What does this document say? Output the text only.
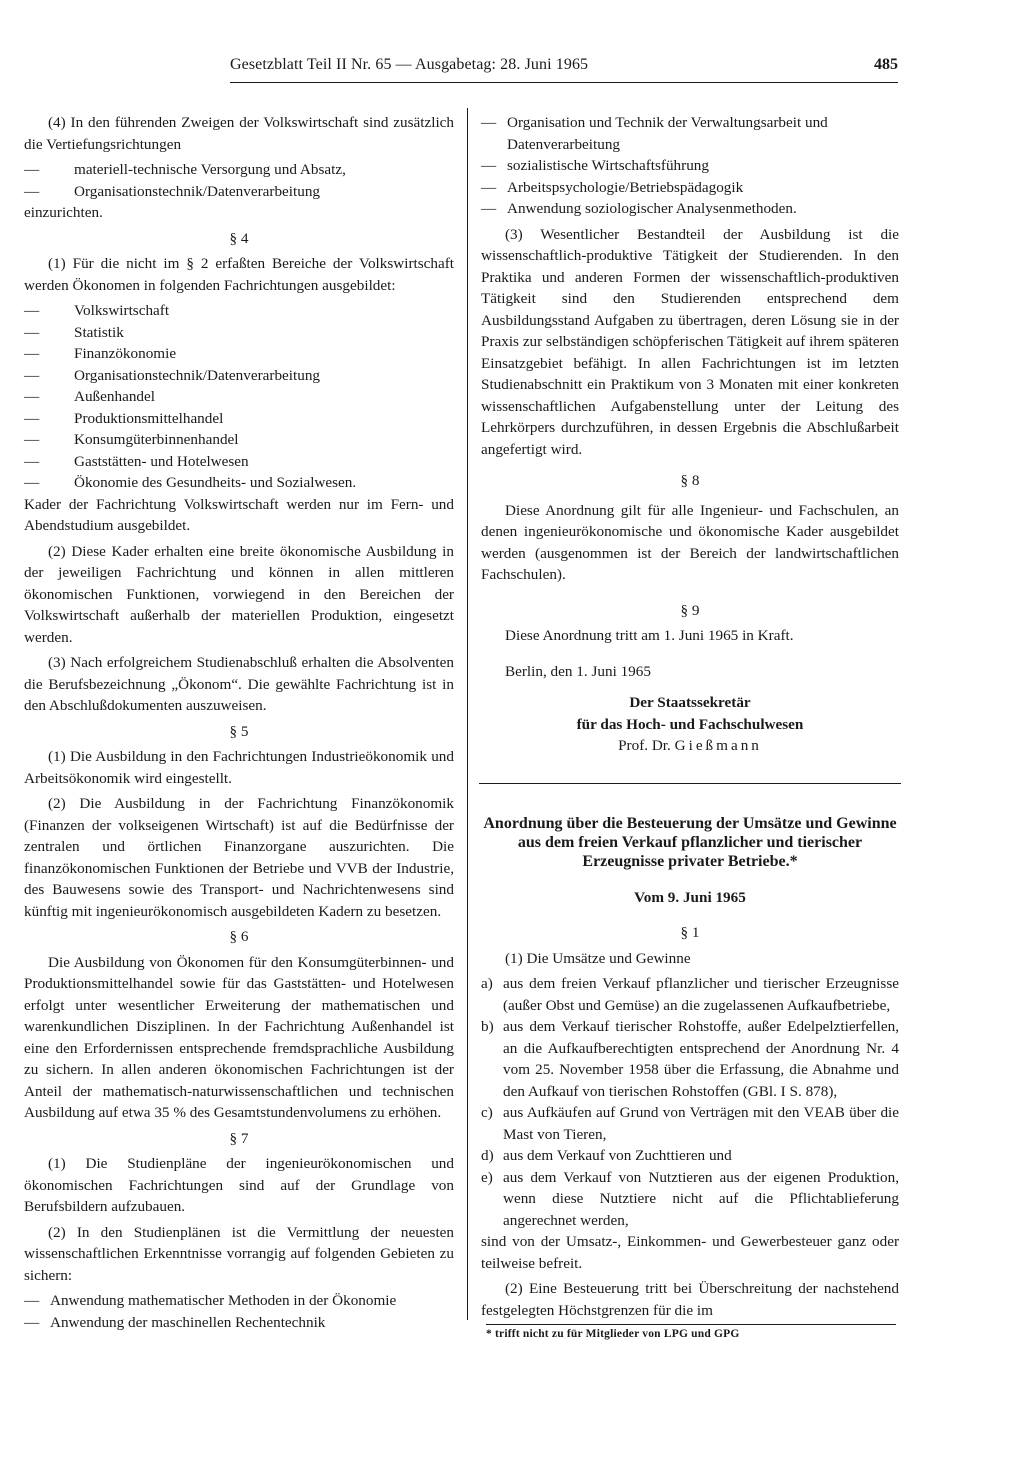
Gesetzblatt Teil II Nr. 65 — Ausgabetag: 28. Juni 1965	485

(4) In den führenden Zweigen der Volkswirtschaft sind zusätzlich die Vertiefungsrichtungen

— materiell-technische Versorgung und Absatz,
— Organisationstechnik/Datenverarbeitung

einzurichten.

§ 4

(1) Für die nicht im § 2 erfaßten Bereiche der Volkswirtschaft werden Ökonomen in folgenden Fachrichtungen ausgebildet:

— Volkswirtschaft
— Statistik
— Finanzökonomie
— Organisationstechnik/Datenverarbeitung
— Außenhandel
— Produktionsmittelhandel
— Konsumgüterbinnenhandel
— Gaststätten- und Hotelwesen
— Ökonomie des Gesundheits- und Sozialwesen.

Kader der Fachrichtung Volkswirtschaft werden nur im Fern- und Abendstudium ausgebildet.

(2) Diese Kader erhalten eine breite ökonomische Ausbildung in der jeweiligen Fachrichtung und können in allen mittleren ökonomischen Funktionen, vorwiegend in den Bereichen der Volkswirtschaft außerhalb der materiellen Produktion, eingesetzt werden.

(3) Nach erfolgreichem Studienabschluß erhalten die Absolventen die Berufsbezeichnung „Ökonom“. Die gewählte Fachrichtung ist in den Abschlußdokumenten auszuweisen.

§ 5

(1) Die Ausbildung in den Fachrichtungen Industrieökonomik und Arbeitsökonomik wird eingestellt.

(2) Die Ausbildung in der Fachrichtung Finanzökonomik (Finanzen der volkseigenen Wirtschaft) ist auf die Bedürfnisse der zentralen und örtlichen Finanzorgane auszurichten. Die finanzökonomischen Funktionen der Betriebe und VVB der Industrie, des Bauwesens sowie des Transport- und Nachrichtenwesens sind künftig mit ingenieurökonomisch ausgebildeten Kadern zu besetzen.

§ 6

Die Ausbildung von Ökonomen für den Konsumgüterbinnen- und Produktionsmittelhandel sowie für das Gaststätten- und Hotelwesen erfolgt unter wesentlicher Erweiterung der mathematischen und warenkundlichen Disziplinen. In der Fachrichtung Außenhandel ist eine den Erfordernissen entsprechende fremdsprachliche Ausbildung zu sichern. In allen anderen ökonomischen Fachrichtungen ist der Anteil der mathematisch-naturwissenschaftlichen und technischen Ausbildung auf etwa 35 % des Gesamtstundenvolumens zu erhöhen.

§ 7

(1) Die Studienpläne der ingenieurökonomischen und ökonomischen Fachrichtungen sind auf der Grundlage von Berufsbildern aufzubauen.

(2) In den Studienplänen ist die Vermittlung der neuesten wissenschaftlichen Erkenntnisse vorrangig auf folgenden Gebieten zu sichern:

— Anwendung mathematischer Methoden in der Ökonomie
— Anwendung der maschinellen Rechentechnik
— Organisation und Technik der Verwaltungsarbeit und Datenverarbeitung
— sozialistische Wirtschaftsführung
— Arbeitspsychologie/Betriebspädagogik
— Anwendung soziologischer Analysenmethoden.

(3) Wesentlicher Bestandteil der Ausbildung ist die wissenschaftlich-produktive Tätigkeit der Studierenden. In den Praktika und anderen Formen der wissenschaftlich-produktiven Tätigkeit sind den Studierenden entsprechend dem Ausbildungsstand Aufgaben zu übertragen, deren Lösung sie in der Praxis zur selbständigen schöpferischen Tätigkeit auf ihrem späteren Einsatzgebiet befähigt. In allen Fachrichtungen ist im letzten Studienabschnitt ein Praktikum von 3 Monaten mit einer konkreten wissenschaftlichen Aufgabenstellung unter der Leitung des Lehrkörpers durchzuführen, in dessen Ergebnis die Abschlußarbeit angefertigt wird.

§ 8

Diese Anordnung gilt für alle Ingenieur- und Fachschulen, an denen ingenieurökonomische und ökonomische Kader ausgebildet werden (ausgenommen ist der Bereich der landwirtschaftlichen Fachschulen).

§ 9

Diese Anordnung tritt am 1. Juni 1965 in Kraft.

Berlin, den 1. Juni 1965

Der Staatssekretär
für das Hoch- und Fachschulwesen
Prof. Dr. Gießmann
Anordnung über die Besteuerung der Umsätze und Gewinne aus dem freien Verkauf pflanzlicher und tierischer Erzeugnisse privater Betriebe.*
Vom 9. Juni 1965
§ 1

(1) Die Umsätze und Gewinne

a) aus dem freien Verkauf pflanzlicher und tierischer Erzeugnisse (außer Obst und Gemüse) an die zugelassenen Aufkaufbetriebe,
b) aus dem Verkauf tierischer Rohstoffe, außer Edelpelztierfellen, an die Aufkaufberechtigten entsprechend der Anordnung Nr. 4 vom 25. November 1958 über die Erfassung, die Abnahme und den Aufkauf von tierischen Rohstoffen (GBl. I S. 878),
c) aus Aufkäufen auf Grund von Verträgen mit den VEAB über die Mast von Tieren,
d) aus dem Verkauf von Zuchttieren und
e) aus dem Verkauf von Nutztieren aus der eigenen Produktion, wenn diese Nutztiere nicht auf die Pflichtablieferung angerechnet werden,

sind von der Umsatz-, Einkommen- und Gewerbesteuer ganz oder teilweise befreit.

(2) Eine Besteuerung tritt bei Überschreitung der nachstehend festgelegten Höchstgrenzen für die im

* trifft nicht zu für Mitglieder von LPG und GPG
